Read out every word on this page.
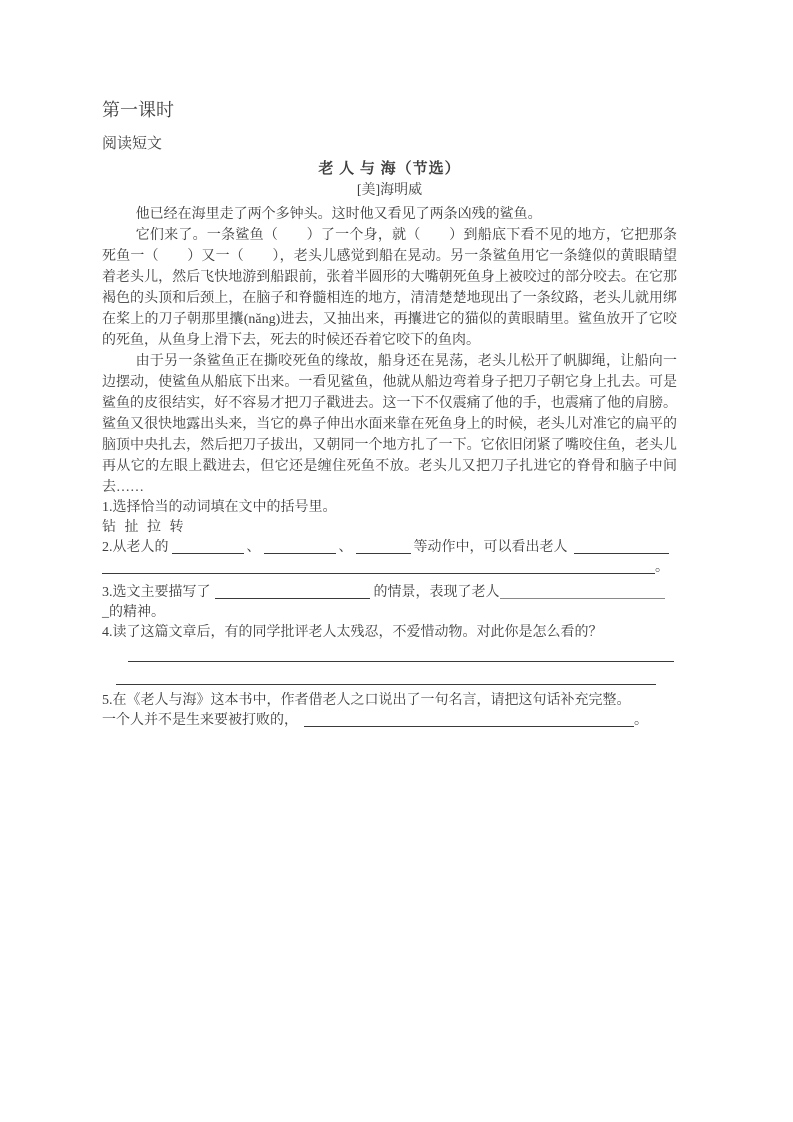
第一课时
阅读短文
老 人 与 海（节选）
[美]海明威

他已经在海里走了两个多钟头。这时他又看见了两条凶残的鲨鱼。

它们来了。一条鲨鱼（　　）了一个身，就（　　）到船底下看不见的地方，它把那条死鱼一（　　）又一（　　），老头儿感觉到船在晃动。另一条鲨鱼用它一条缝似的黄眼睛望着老头儿，然后飞快地游到船跟前，张着半圆形的大嘴朝死鱼身上被咬过的部分咬去。在它那褐色的头顶和后颈上，在脑子和脊髓相连的地方，清清楚楚地现出了一条纹路，老头儿就用绑在桨上的刀子朝那里攮(nǎng)进去，又抽出来，再攮进它的猫似的黄眼睛里。鲨鱼放开了它咬的死鱼，从鱼身上滑下去，死去的时候还吞着它咬下的鱼肉。

由于另一条鲨鱼正在撕咬死鱼的缘故，船身还在晃荡，老头儿松开了帆脚绳，让船向一边摆动，使鲨鱼从船底下出来。一看见鲨鱼，他就从船边弯着身子把刀子朝它身上扎去。可是鲨鱼的皮很结实，好不容易才把刀子戳进去。这一下不仅震痛了他的手，也震痛了他的肩膀。鲨鱼又很快地露出头来，当它的鼻子伸出水面来靠在死鱼身上的时候，老头儿对准它的扁平的脑顶中央扎去，然后把刀子拔出，又朝同一个地方扎了一下。它依旧闭紧了嘴咬住鱼，老头儿再从它的左眼上戳进去，但它还是缠住死鱼不放。老头儿又把刀子扎进它的脊骨和脑子中间去……

1.选择恰当的动词填在文中的括号里。
钻 扯 拉 转
2.从老人的	、	、	等动作中，可以看出老人
。
3.选文主要描写了	的情景，表现了老人
_的精神。
4.读了这篇文章后，有的同学批评老人太残忍，不爱惜动物。对此你是怎么看的？
5.在《老人与海》这本书中，作者借老人之口说出了一句名言，请把这句话补充完整。
一个人并不是生来要被打败的，	。
